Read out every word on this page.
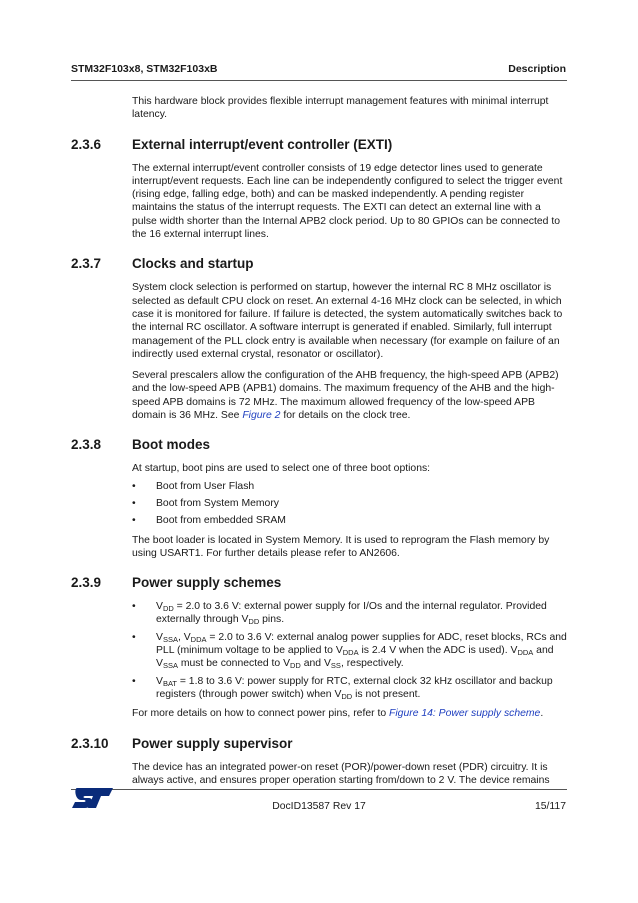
STM32F103x8, STM32F103xB	Description

This hardware block provides flexible interrupt management features with minimal interrupt latency.

2.3.6	External interrupt/event controller (EXTI)

The external interrupt/event controller consists of 19 edge detector lines used to generate interrupt/event requests. Each line can be independently configured to select the trigger event (rising edge, falling edge, both) and can be masked independently. A pending register maintains the status of the interrupt requests. The EXTI can detect an external line with a pulse width shorter than the Internal APB2 clock period. Up to 80 GPIOs can be connected to the 16 external interrupt lines.

2.3.7	Clocks and startup

System clock selection is performed on startup, however the internal RC 8 MHz oscillator is selected as default CPU clock on reset. An external 4-16 MHz clock can be selected, in which case it is monitored for failure. If failure is detected, the system automatically switches back to the internal RC oscillator. A software interrupt is generated if enabled. Similarly, full interrupt management of the PLL clock entry is available when necessary (for example on failure of an indirectly used external crystal, resonator or oscillator).

Several prescalers allow the configuration of the AHB frequency, the high-speed APB (APB2) and the low-speed APB (APB1) domains. The maximum frequency of the AHB and the high-speed APB domains is 72 MHz. The maximum allowed frequency of the low-speed APB domain is 36 MHz. See Figure 2 for details on the clock tree.

2.3.8	Boot modes

At startup, boot pins are used to select one of three boot options:

• Boot from User Flash
• Boot from System Memory
• Boot from embedded SRAM

The boot loader is located in System Memory. It is used to reprogram the Flash memory by using USART1. For further details please refer to AN2606.

2.3.9	Power supply schemes
• $V_{DD} = 2.0$ to 3.6 V: external power supply for I/Os and the internal regulator. Provided externally through $V_{DD}$ pins.
• $V_{SSA}$, $V_{DDA} = 2.0$ to 3.6 V: external analog power supplies for ADC, reset blocks, RCs and PLL (minimum voltage to be applied to $V_{DDA}$ is 2.4 V when the ADC is used). $V_{DDA}$ and $V_{SSA}$ must be connected to $V_{DD}$ and $V_{SS}$, respectively.
• $V_{BAT} = 1.8$ to 3.6 V: power supply for RTC, external clock 32 kHz oscillator and backup registers (through power switch) when $V_{DD}$ is not present.

For more details on how to connect power pins, refer to Figure 14: Power supply scheme.

2.3.10	Power supply supervisor

The device has an integrated power-on reset (POR)/power-down reset (PDR) circuitry. It is always active, and ensures proper operation starting from/down to 2 V. The device remains

DocID13587 Rev 17	15/117
